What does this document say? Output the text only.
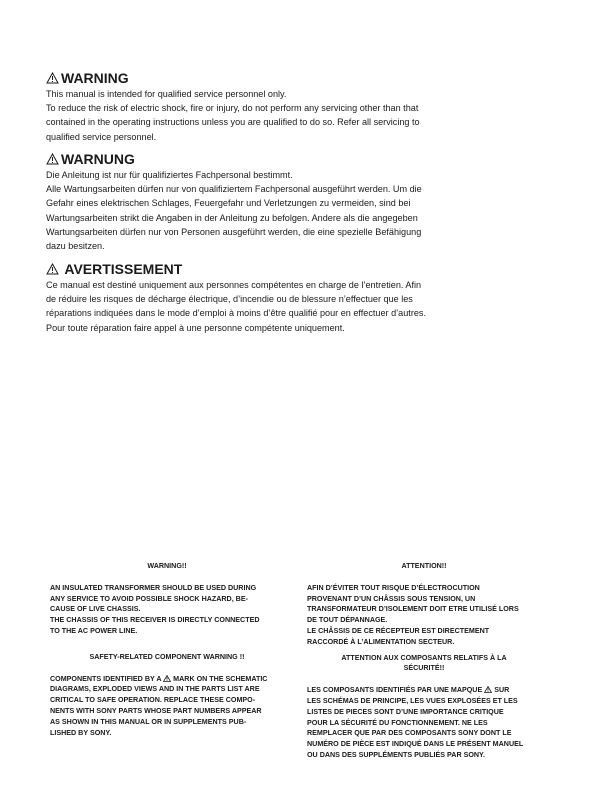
WARNING

This manual is intended for qualified service personnel only.

To reduce the risk of electric shock, fire or injury, do not perform any servicing other than that

contained in the operating instructions unless you are qualified to do so. Refer all servicing to

qualified service personnel.

WARNUNG

Die Anleitung ist nur für qualifiziertes Fachpersonal bestimmt.

Alle Wartungsarbeiten dürfen nur von qualifiziertem Fachpersonal ausgeführt werden. Um die

Gefahr eines elektrischen Schlages, Feuergefahr und Verletzungen zu vermeiden, sind bei

Wartungsarbeiten strikt die Angaben in der Anleitung zu befolgen. Andere als die angegeben

Wartungsarbeiten dürfen nur von Personen ausgeführt werden, die eine spezielle Befähigung

dazu besitzen.

AVERTISSEMENT

Ce manual est destiné uniquement aux personnes compétentes en charge de l’entretien. Afin

de réduire les risques de décharge électrique, d’incendie ou de blessure n’effectuer que les

réparations indiquées dans le mode d’emploi à moins d’être qualifié pour en effectuer d’autres.

Pour toute réparation faire appel à une personne compétente uniquement.

WARNING!!
AN INSULATED TRANSFORMER SHOULD BE USED DURING
ANY SERVICE TO AVOID POSSIBLE SHOCK HAZARD, BE-
CAUSE OF LIVE CHASSIS.
THE CHASSIS OF THIS RECEIVER IS DIRECTLY CONNECTED
TO THE AC POWER LINE.
SAFETY-RELATED COMPONENT WARNING !!
COMPONENTS IDENTIFIED BY A
MARK ON THE SCHEMATIC
DIAGRAMS, EXPLODED VIEWS AND IN THE PARTS LIST ARE
CRITICAL TO SAFE OPERATION. REPLACE THESE COMPO-
NENTS WITH SONY PARTS WHOSE PART NUMBERS APPEAR
AS SHOWN IN THIS MANUAL OR IN SUPPLEMENTS PUB-
LISHED BY SONY.
ATTENTION!!
AFIN D’ÉVITER TOUT RISQUE D’ÉLECTROCUTION
PROVENANT D’UN CHÂSSIS SOUS TENSION, UN
TRANSFORMATEUR D’ISOLEMENT DOIT ETRE UTILISÉ LORS
DE TOUT DÉPANNAGE.
LE CHÂSSIS DE CE RÉCEPTEUR EST DIRECTEMENT
RACCORDÉ À L’ALIMENTATION SECTEUR.
ATTENTION AUX COMPOSANTS RELATIFS À LA
SÉCURITÉ!!
LES COMPOSANTS IDENTIFIÉS PAR UNE MAPQUE
SUR
LES SCHÉMAS DE PRINCIPE, LES VUES EXPLOSÉES ET LES
LISTES DE PIECES SONT D’UNE IMPORTANCE CRITIQUE
POUR LA SÉCURITÉ DU FONCTIONNEMENT. NE LES
REMPLACER QUE PAR DES COMPOSANTS SONY DONT LE
NUMÉRO DE PIÈCE EST INDIQUÉ DANS LE PRÉSENT MANUEL
OU DANS DES SUPPLÉMENTS PUBLIÉS PAR SONY.
